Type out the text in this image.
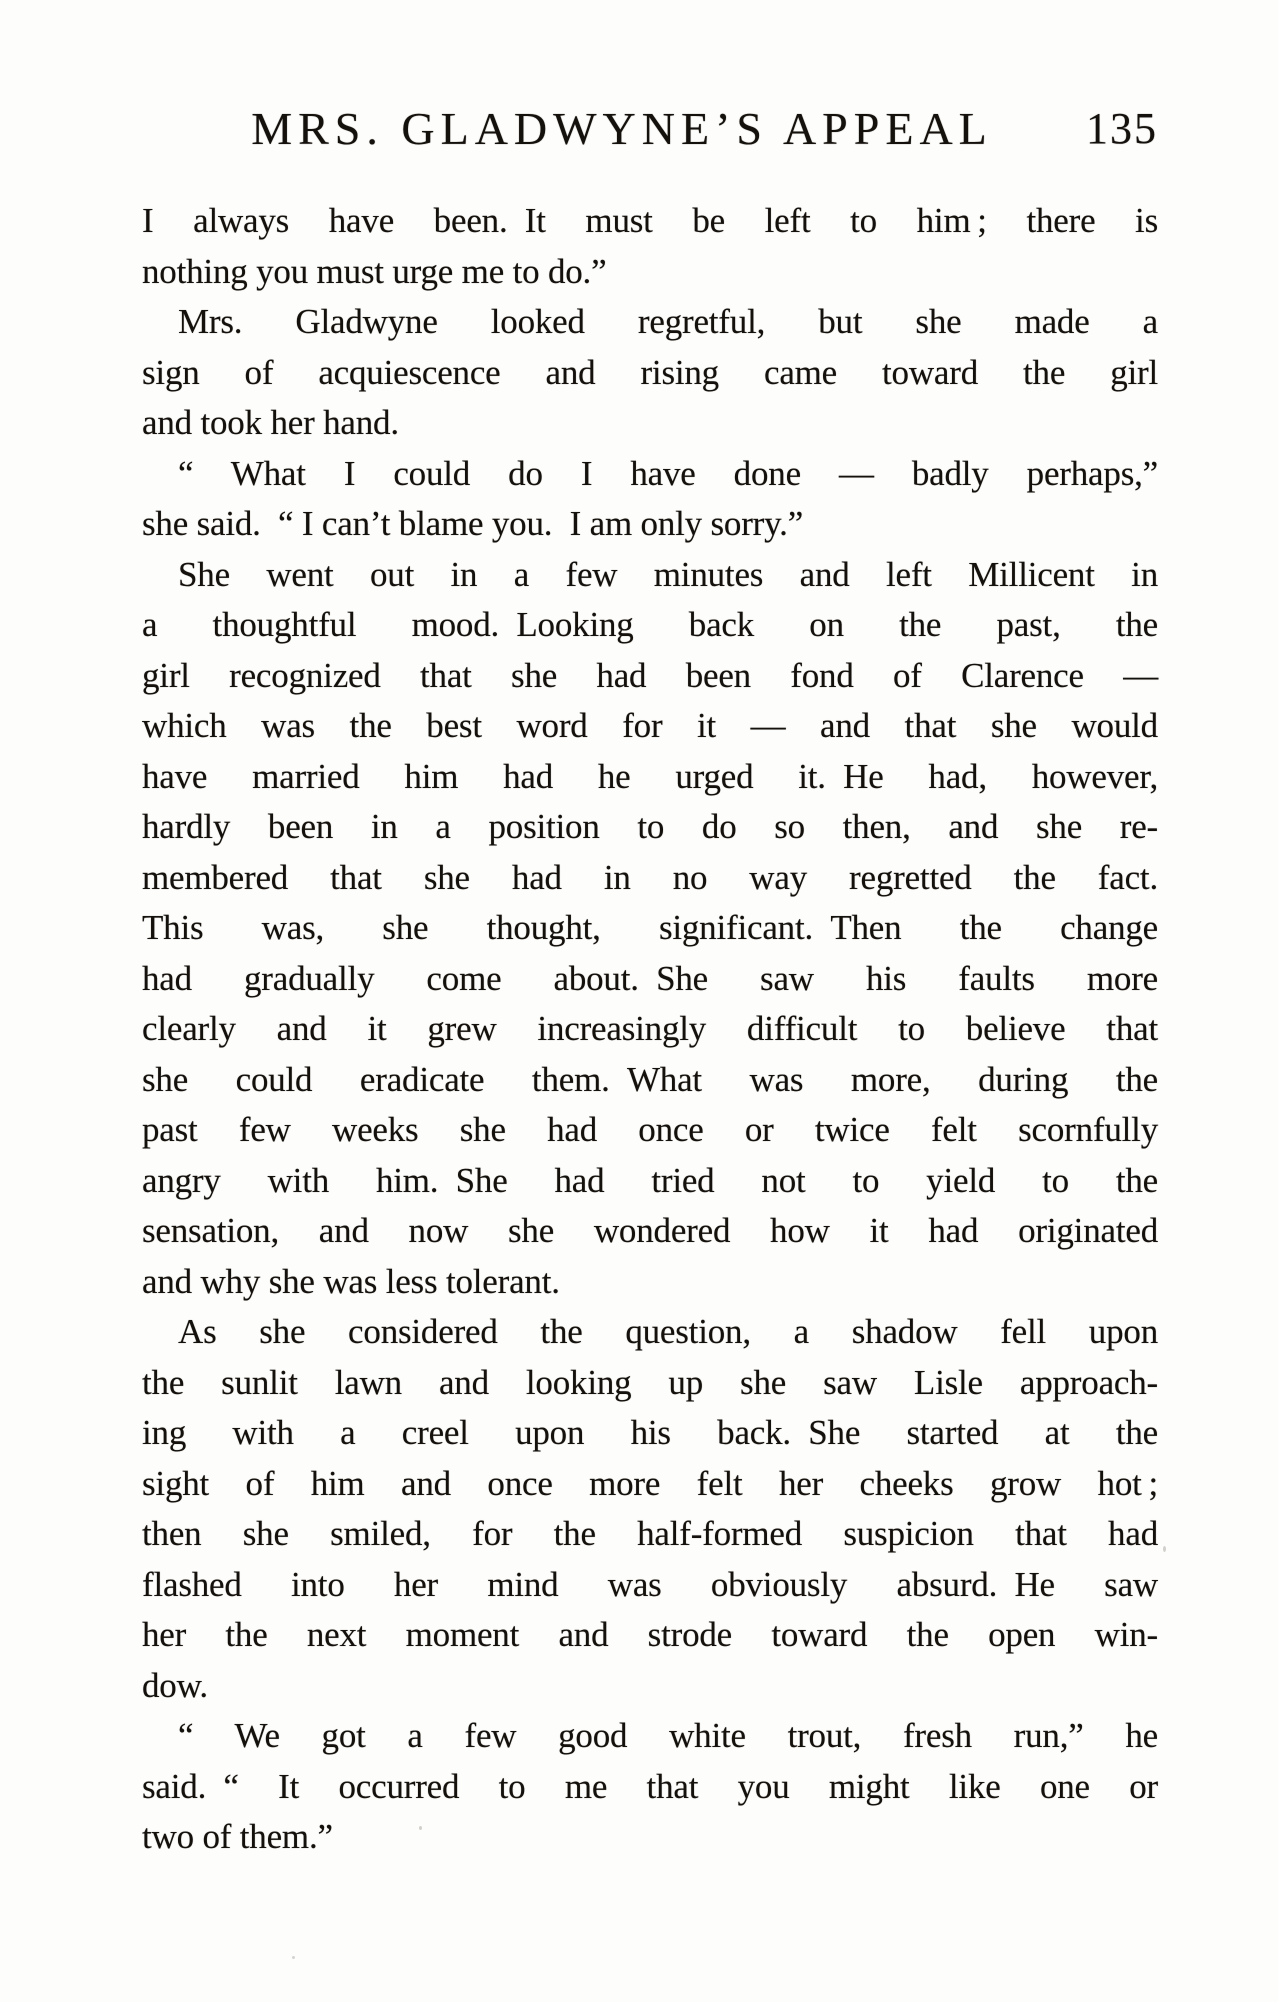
MRS. GLADWYNE’S APPEAL	135
I always have been. It must be left to him ; there is
nothing you must urge me to do.”
Mrs. Gladwyne looked regretful, but she made a
sign of acquiescence and rising came toward the girl
and took her hand.
“ What I could do I have done — badly perhaps,”
she said. “ I can’t blame you. I am only sorry.”
She went out in a few minutes and left Millicent in
a thoughtful mood. Looking back on the past, the
girl recognized that she had been fond of Clarence —
which was the best word for it — and that she would
have married him had he urged it. He had, however,
hardly been in a position to do so then, and she re-
membered that she had in no way regretted the fact.
This was, she thought, significant. Then the change
had gradually come about. She saw his faults more
clearly and it grew increasingly difficult to believe that
she could eradicate them. What was more, during the
past few weeks she had once or twice felt scornfully
angry with him. She had tried not to yield to the
sensation, and now she wondered how it had originated
and why she was less tolerant.
As she considered the question, a shadow fell upon
the sunlit lawn and looking up she saw Lisle approach-
ing with a creel upon his back. She started at the
sight of him and once more felt her cheeks grow hot ;
then she smiled, for the half-formed suspicion that had
flashed into her mind was obviously absurd. He saw
her the next moment and strode toward the open win-
dow.
“ We got a few good white trout, fresh run,” he
said. “ It occurred to me that you might like one or
two of them.”
